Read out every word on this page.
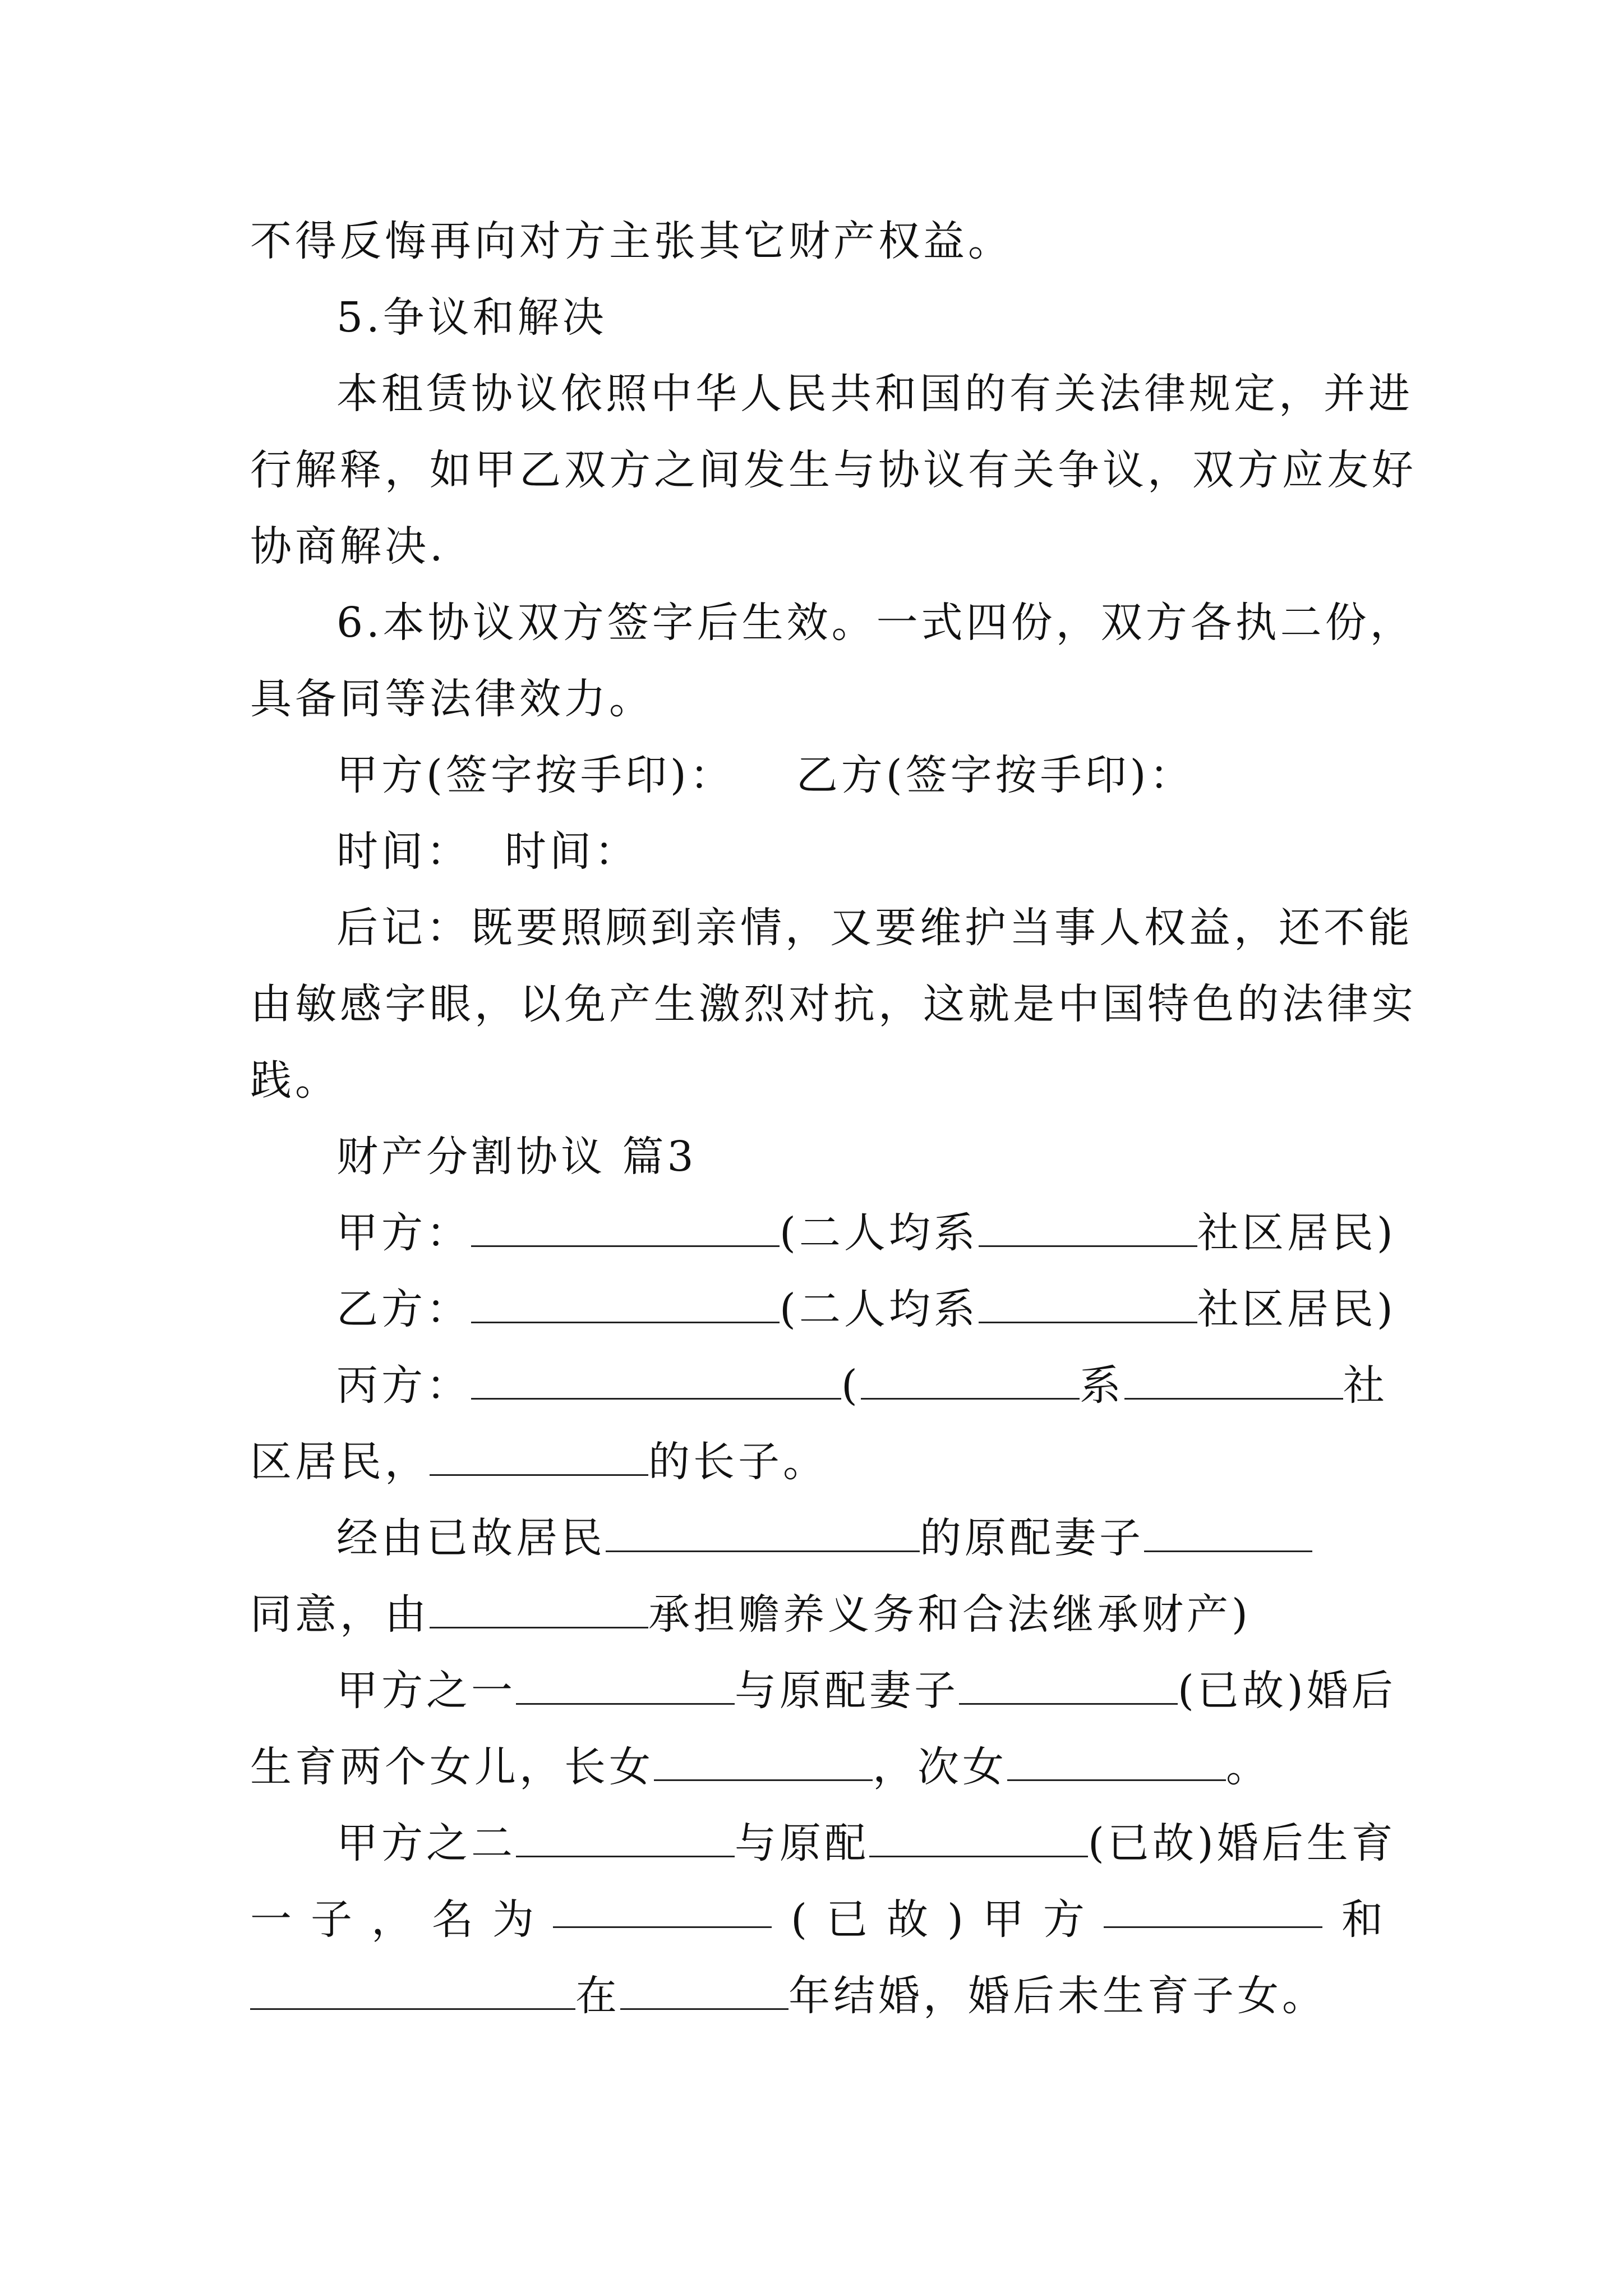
不得反悔再向对方主张其它财产权益。
5.争议和解决
本租赁协议依照中华人民共和国的有关法律规定，并进
行解释，如甲乙双方之间发生与协议有关争议，双方应友好
协商解决.
6.本协议双方签字后生效。一式四份，双方各执二份，
具备同等法律效力。
甲方(签字按手印)： 乙方(签字按手印)：
时间： 时间：
后记：既要照顾到亲情，又要维护当事人权益，还不能
由敏感字眼，以免产生激烈对抗，这就是中国特色的法律实
践。
财产分割协议 篇3
甲方：	(二人均系	社区居民)
乙方：	(二人均系	社区居民)
丙方：	(	系	社
区居民，	的长子。
经由已故居民	的原配妻子
同意，由	承担赡养义务和合法继承财产)
甲方之一	与原配妻子	(已故)婚后
生育两个女儿，长女	，次女	。
甲方之二	与原配	(已故)婚后生育
一 子 ， 名 为	( 已 故 ) 甲 方	和
在	年结婚，婚后未生育子女。
